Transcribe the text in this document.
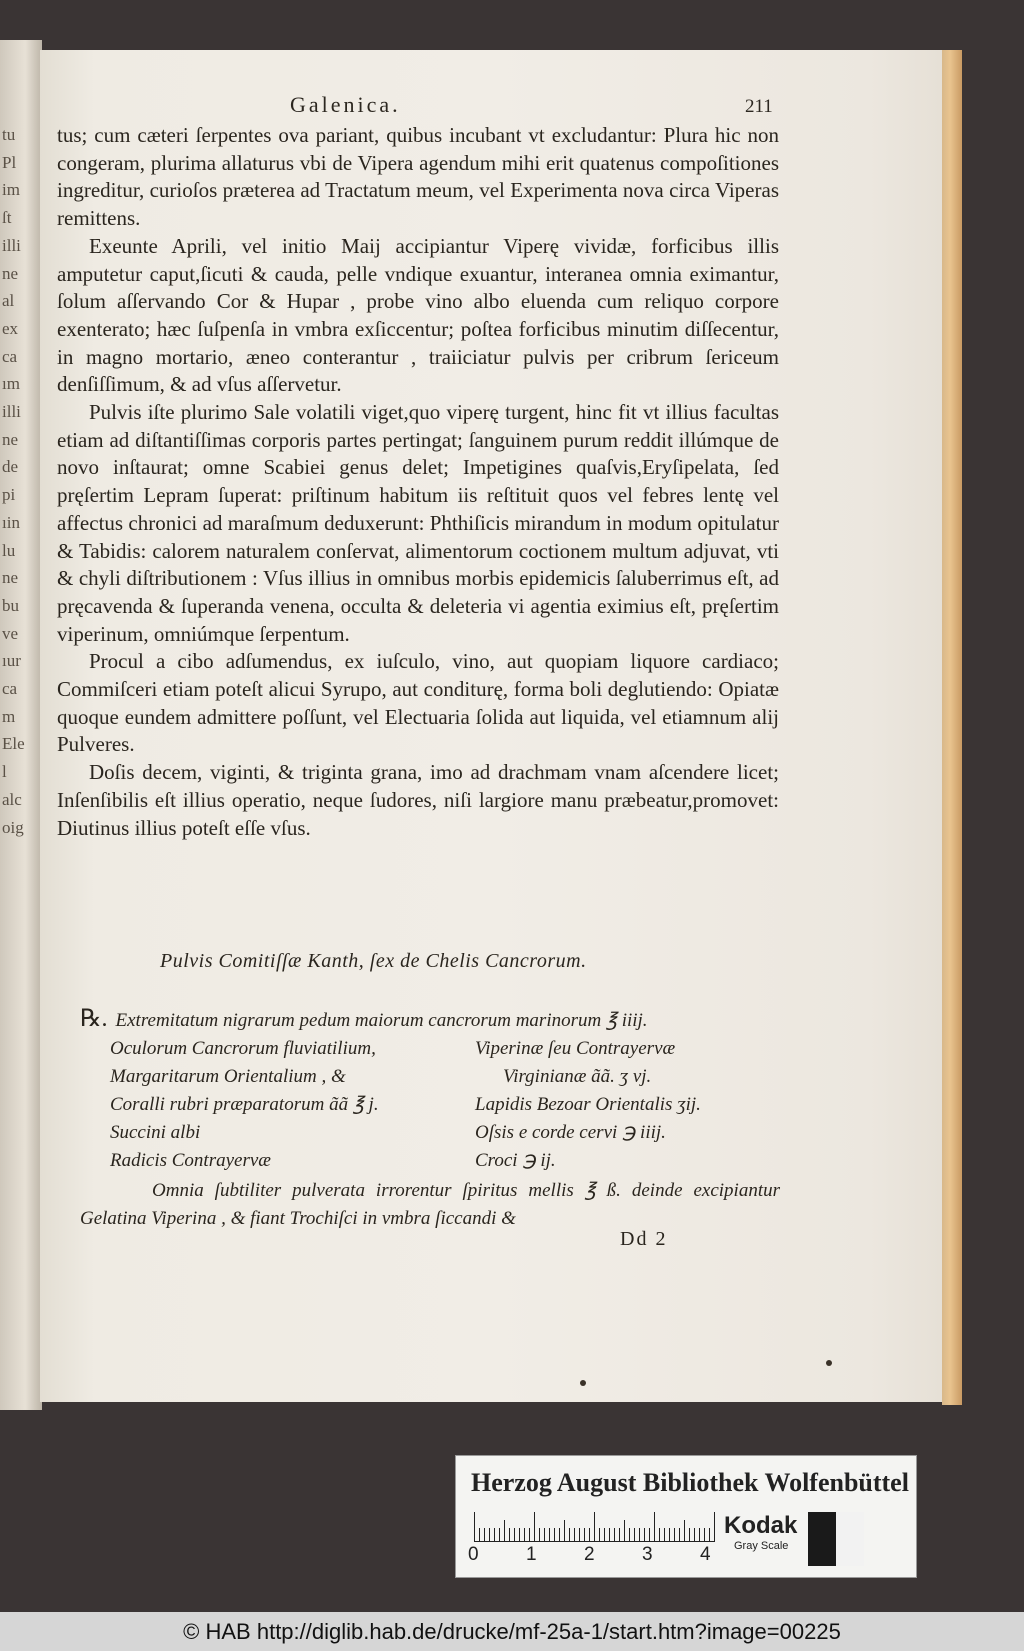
tu
Pl
im
ſt
illi
ne
al
ex
ca
ım
illi
ne
de
pi
ıin
lu
ne
bu
ve
ıur
ca
m
Ele
l
alc
oig
Galenica.	211

tus; cum cæteri ſerpentes ova pariant, quibus incubant vt excludantur: Plura hic non congeram, plurima allaturus vbi de Vipera agendum mihi erit quatenus compoſitiones ingreditur, curioſos præterea ad Tractatum meum, vel Experimenta nova circa Viperas remittens.

Exeunte Aprili, vel initio Maij accipiantur Viperę vividæ, forficibus illis amputetur caput,ſicuti & cauda, pelle vndique exuantur, interanea omnia eximantur, ſolum aſſervando Cor & Hupar , probe vino albo eluenda cum reliquo corpore exenterato; hæc ſuſpenſa in vmbra exſiccentur; poſtea forficibus minutim diſſecentur, in magno mortario, æneo conterantur , traiiciatur pulvis per cribrum ſericeum denſiſſimum, & ad vſus aſſervetur.

Pulvis iſte plurimo Sale volatili viget,quo viperę turgent, hinc fit vt illius facultas etiam ad diſtantiſſimas corporis partes pertingat; ſanguinem purum reddit illúmque de novo inſtaurat; omne Scabiei genus delet; Impetigines quaſvis,Eryſipelata, ſed pręſertim Lepram ſuperat: priſtinum habitum iis reſtituit quos vel febres lentę vel affectus chronici ad maraſmum deduxerunt: Phthiſicis mirandum in modum opitulatur & Tabidis: calorem naturalem conſervat, alimentorum coctionem multum adjuvat, vti & chyli diſtributionem : Vſus illius in omnibus morbis epidemicis ſaluberrimus eſt, ad pręcavenda & ſuperanda venena, occulta & deleteria vi agentia eximius eſt, pręſertim viperinum, omniúmque ſerpentum.

Procul a cibo adſumendus, ex iuſculo, vino, aut quopiam liquore cardiaco; Commiſceri etiam poteſt alicui Syrupo, aut conditurę, forma boli deglutiendo: Opiatæ quoque eundem admittere poſſunt, vel Electuaria ſolida aut liquida, vel etiamnum alij Pulveres.

Doſis decem, viginti, & triginta grana, imo ad drachmam vnam aſcendere licet; Inſenſibilis eſt illius operatio, neque ſudores, niſi largiore manu præbeatur,promovet: Diutinus illius poteſt eſſe vſus.

Pulvis Comitiſſæ Kanth, ſex de Chelis Cancrorum.
℞. Extremitatum nigrarum pedum maiorum cancrorum marinorum ℥ iiij.
Oculorum Cancrorum fluviatilium,	Viperinæ ſeu Contrayervæ
Margaritarum Orientalium , &	Virginianæ ãã. ʒ vj.
Coralli rubri præparatorum ãã ℥ j.	Lapidis Bezoar Orientalis ʒij.
Succini albi	Oſsis e corde cervi ℈ iiij.
Radicis Contrayervæ	Croci ℈ ij.
Omnia ſubtiliter pulverata irrorentur ſpiritus mellis ℥ ß. deinde excipiantur Gelatina Viperina , & fiant Trochiſci in vmbra ſiccandi &
Dd 2
Herzog August Bibliothek Wolfenbüttel
0 1 2 3 4
Kodak
Gray Scale
© HAB http://diglib.hab.de/drucke/mf-25a-1/start.htm?image=00225
